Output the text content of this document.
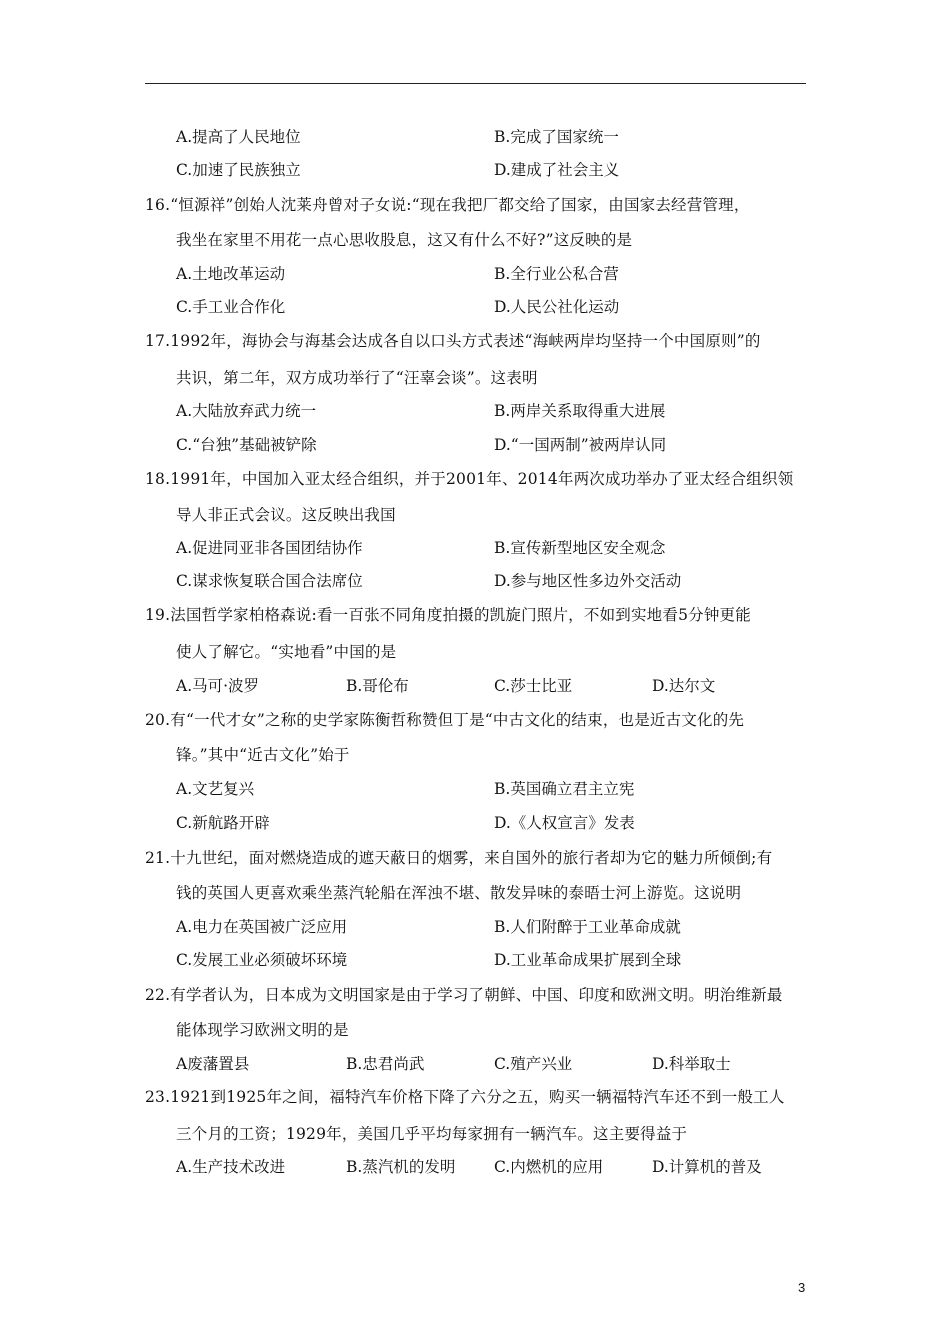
A.提高了人民地位	B.完成了国家统一
C.加速了民族独立	D.建成了社会主义
16.“恒源祥”创始人沈莱舟曾对子女说:“现在我把厂都交给了国家，由国家去经营管理，
我坐在家里不用花一点心思收股息，这又有什么不好?”这反映的是
A.土地改革运动	B.全行业公私合营
C.手工业合作化	D.人民公社化运动
17.1992年，海协会与海基会达成各自以口头方式表述“海峡两岸均坚持一个中国原则”的
共识，第二年，双方成功举行了“汪辜会谈”。这表明
A.大陆放弃武力统一	B.两岸关系取得重大进展
C.“台独”基础被铲除	D.“一国两制”被两岸认同
18.1991年，中国加入亚太经合组织，并于2001年、2014年两次成功举办了亚太经合组织领
导人非正式会议。这反映出我国
A.促进同亚非各国团结协作	B.宣传新型地区安全观念
C.谋求恢复联合国合法席位	D.参与地区性多边外交活动
19.法国哲学家柏格森说:看一百张不同角度拍摄的凯旋门照片，不如到实地看5分钟更能
使人了解它。“实地看”中国的是
A.马可·波罗	B.哥伦布	C.莎士比亚	D.达尔文
20.有“一代才女”之称的史学家陈衡哲称赞但丁是“中古文化的结束，也是近古文化的先
锋。”其中“近古文化”始于
A.文艺复兴	B.英国确立君主立宪
C.新航路开辟	D.《人权宣言》发表
21.十九世纪，面对燃烧造成的遮天蔽日的烟雾，来自国外的旅行者却为它的魅力所倾倒;有
钱的英国人更喜欢乘坐蒸汽轮船在浑浊不堪、散发异味的泰晤士河上游览。这说明
A.电力在英国被广泛应用	B.人们附醉于工业革命成就
C.发展工业必须破坏环境	D.工业革命成果扩展到全球
22.有学者认为，日本成为文明国家是由于学习了朝鲜、中国、印度和欧洲文明。明治维新最
能体现学习欧洲文明的是
A废藩置县	B.忠君尚武	C.殖产兴业	D.科举取士
23.1921到1925年之间，福特汽车价格下降了六分之五，购买一辆福特汽车还不到一般工人
三个月的工资；1929年，美国几乎平均每家拥有一辆汽车。这主要得益于
A.生产技术改进	B.蒸汽机的发明 C.内燃机的应用	D.计算机的普及
3
